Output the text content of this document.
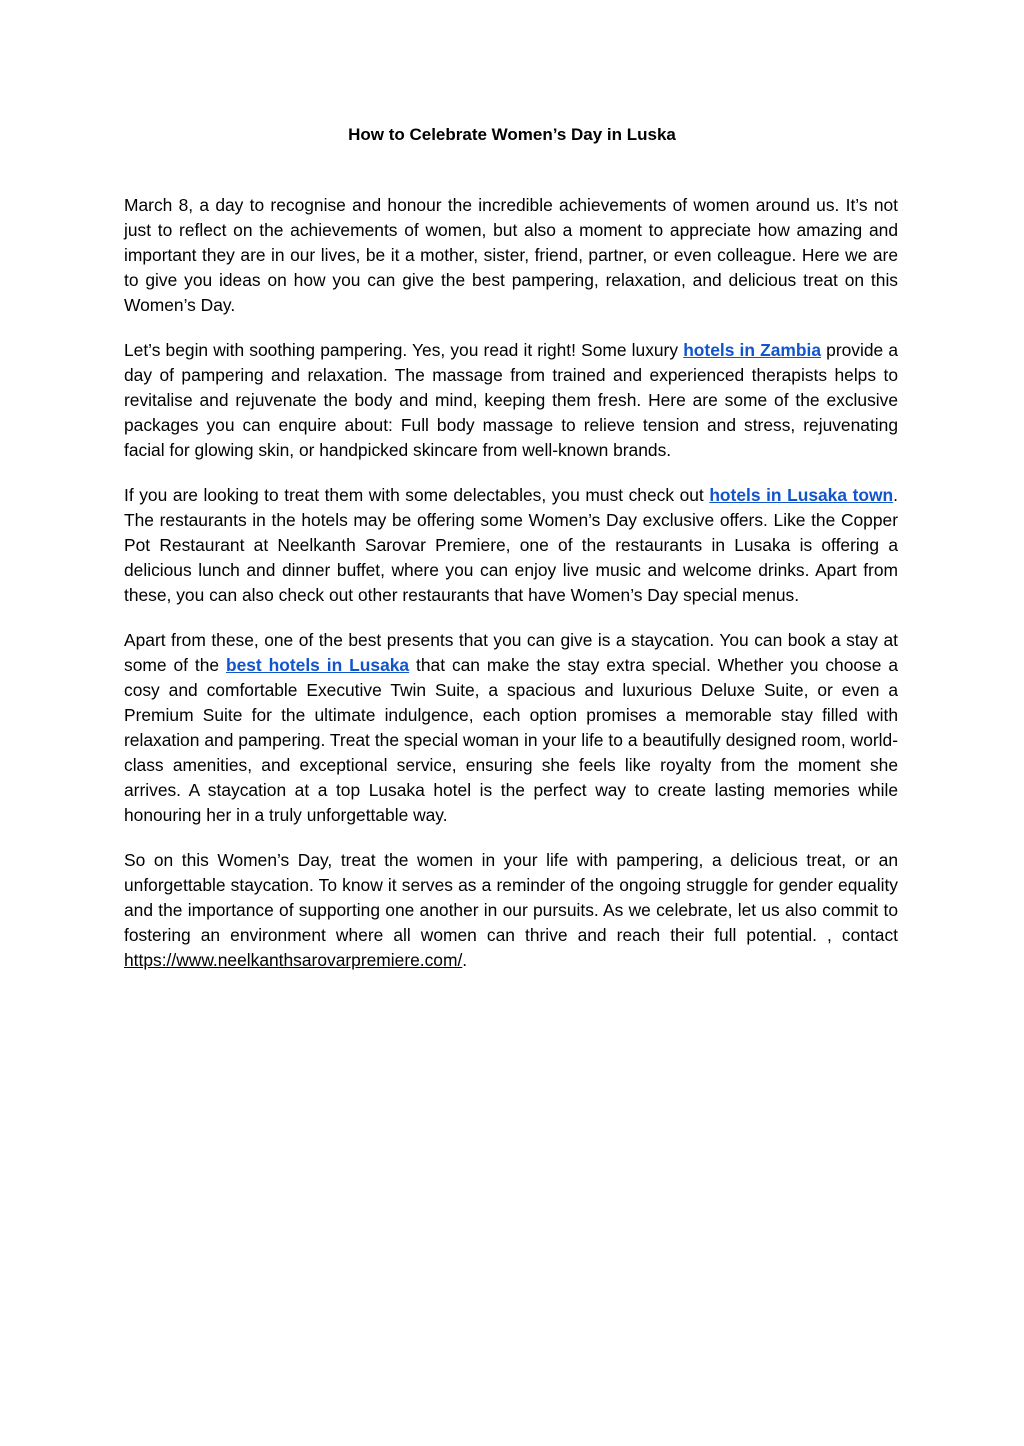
How to Celebrate Women’s Day in Luska

March 8, a day to recognise and honour the incredible achievements of women around us. It’s not just to reflect on the achievements of women, but also a moment to appreciate how amazing and important they are in our lives, be it a mother, sister, friend, partner, or even colleague. Here we are to give you ideas on how you can give the best pampering, relaxation, and delicious treat on this Women’s Day.

Let’s begin with soothing pampering. Yes, you read it right! Some luxury hotels in Zambia provide a day of pampering and relaxation. The massage from trained and experienced therapists helps to revitalise and rejuvenate the body and mind, keeping them fresh. Here are some of the exclusive packages you can enquire about: Full body massage to relieve tension and stress, rejuvenating facial for glowing skin, or handpicked skincare from well-known brands.

If you are looking to treat them with some delectables, you must check out hotels in Lusaka town. The restaurants in the hotels may be offering some Women’s Day exclusive offers. Like the Copper Pot Restaurant at Neelkanth Sarovar Premiere, one of the restaurants in Lusaka is offering a delicious lunch and dinner buffet, where you can enjoy live music and welcome drinks. Apart from these, you can also check out other restaurants that have Women’s Day special menus.

Apart from these, one of the best presents that you can give is a staycation. You can book a stay at some of the best hotels in Lusaka that can make the stay extra special. Whether you choose a cosy and comfortable Executive Twin Suite, a spacious and luxurious Deluxe Suite, or even a Premium Suite for the ultimate indulgence, each option promises a memorable stay filled with relaxation and pampering. Treat the special woman in your life to a beautifully designed room, world-class amenities, and exceptional service, ensuring she feels like royalty from the moment she arrives. A staycation at a top Lusaka hotel is the perfect way to create lasting memories while honouring her in a truly unforgettable way.

So on this Women’s Day, treat the women in your life with pampering, a delicious treat, or an unforgettable staycation. To know it serves as a reminder of the ongoing struggle for gender equality and the importance of supporting one another in our pursuits. As we celebrate, let us also commit to fostering an environment where all women can thrive and reach their full potential. , contact https://www.neelkanthsarovarpremiere.com/.
